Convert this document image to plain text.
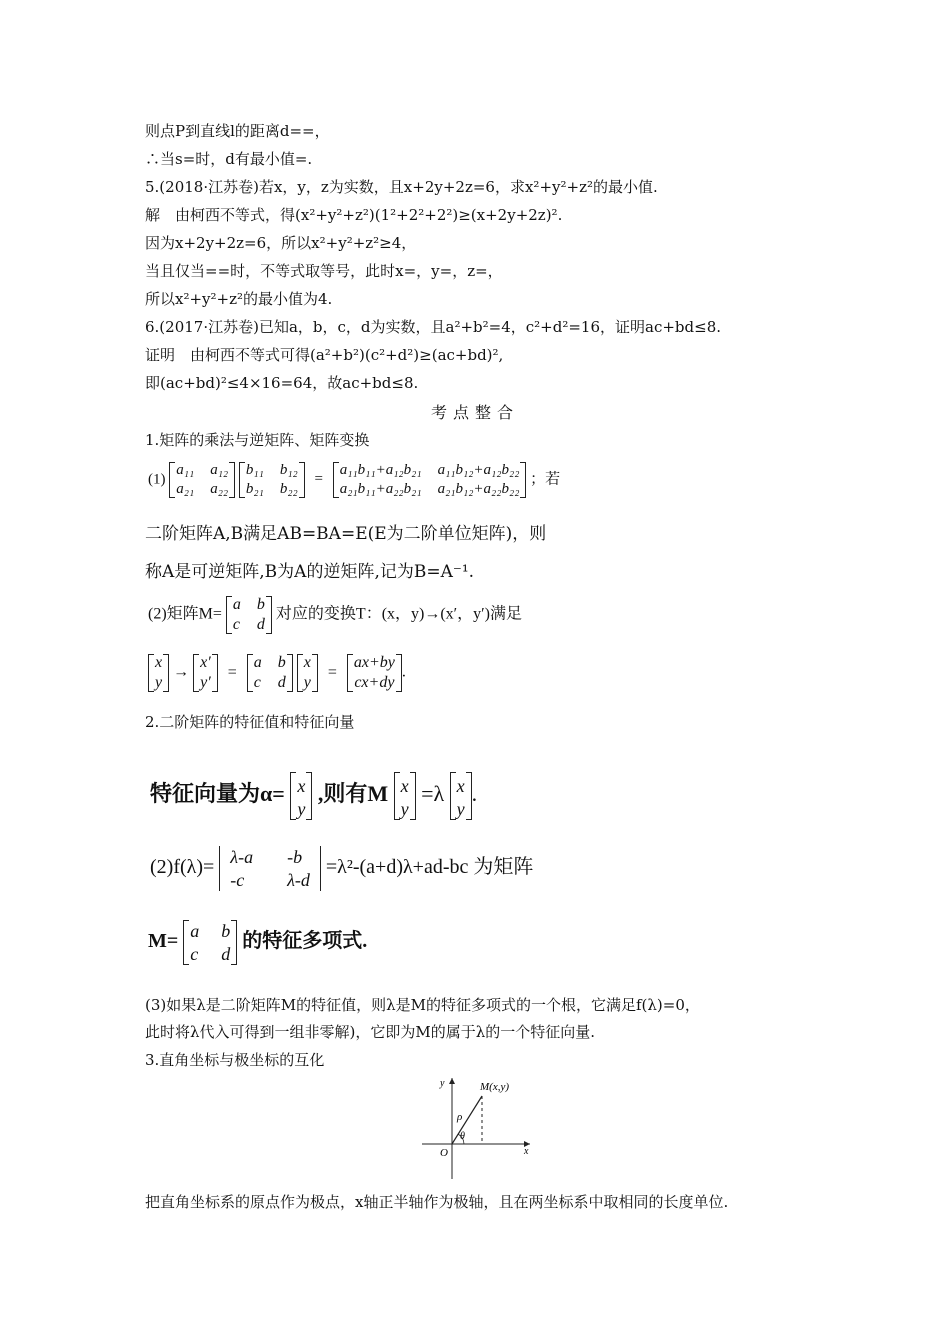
则点P到直线l的距离d==，
∴当s=时，d有最小值=.
5.(2018·江苏卷)若x，y，z为实数，且x+2y+2z=6，求x²+y²+z²的最小值.
解　由柯西不等式，得(x²+y²+z²)(1²+2²+2²)≥(x+2y+2z)².
因为x+2y+2z=6，所以x²+y²+z²≥4，
当且仅当==时，不等式取等号，此时x=，y=，z=，
所以x²+y²+z²的最小值为4.
6.(2017·江苏卷)已知a，b，c，d为实数，且a²+b²=4，c²+d²=16，证明ac+bd≤8.
证明　由柯西不等式可得(a²+b²)(c²+d²)≥(ac+bd)²,
即(ac+bd)²≤4×16=64，故ac+bd≤8.
考点整合
1.矩阵的乘法与逆矩阵、矩阵变换
(1)
a₁₁ a₁₂
a₂₁ a₂₂

b₁₁ b₁₂
b₂₁ b₂₂
=
a₁₁b₁₁+a₁₂b₂₁ a₁₁b₁₂+a₁₂b₂₂
a₂₁b₁₁+a₂₂b₂₁ a₂₁b₁₂+a₂₂b₂₂
；若
二阶矩阵A,B满足AB=BA=E(E为二阶单位矩阵)，则
称A是可逆矩阵,B为A的逆矩阵,记为B=A⁻¹.
(2)矩阵M=
a b
c d
对应的变换T：(x，y)→(x′，y′)满足
x
y
→
x′
y′
=
a b
c d

x
y
=
ax+by
cx+dy
.
2.二阶矩阵的特征值和特征向量
特征向量为α= x
y
,则有M x
y
=λ x
y
.
(2)f(λ)= λ-a -b
-c	λ-d
=λ²-(a+d)λ+ad-bc 为矩阵
M= a b
c d
的特征多项式.
(3)如果λ是二阶矩阵M的特征值，则λ是M的特征多项式的一个根，它满足f(λ)=0，
此时将λ代入可得到一组非零解)，它即为M的属于λ的一个特征向量.
3.直角坐标与极坐标的互化
y
x
O
M(x,y)
ρ
θ
把直角坐标系的原点作为极点，x轴正半轴作为极轴，且在两坐标系中取相同的长度单位.
